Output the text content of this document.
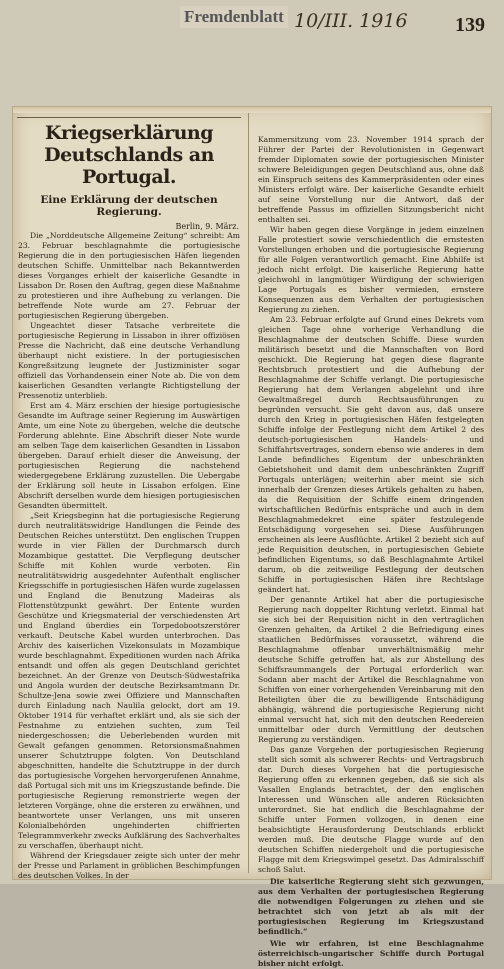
Fremdenblatt 10/III. 1916 139
Kriegserklärung Deutschlands an Portugal.
Eine Erklärung der deutschen Regierung.
Berlin, 9. März.

Die „Norddeutsche Allgemeine Zeitung“ schreibt: Am 23. Februar beschlagnahmte die portugiesische Regierung die in den portugiesischen Häfen liegenden deutschen Schiffe. Unmittelbar nach Bekanntwerden dieses Vorganges erhielt der kaiserliche Gesandte in Lissabon Dr. Rosen den Auftrag, gegen diese Maßnahme zu protestieren und ihre Aufhebung zu verlangen. Die betreffende Note wurde am 27. Februar der portugiesischen Regierung übergeben.

Ungeachtet dieser Tatsache verbreitete die portugiesische Regierung in Lissabon in ihrer offiziösen Presse die Nachricht, daß eine deutsche Verhandlung überhaupt nicht existiere. In der portugiesischen Kongreßsitzung leugnete der Justizminister sogar offiziell das Vorhandensein einer Note ab. Die von dem kaiserlichen Gesandten verlangte Richtigstellung der Pressenotiz unterblieb.

Erst am 4. März erschien der hiesige portugiesische Gesandte im Auftrage seiner Regierung im Auswärtigen Amte, um eine Note zu übergeben, welche die deutsche Forderung ablehnte. Eine Abschrift dieser Note wurde am selben Tage dem kaiserlichen Gesandten in Lissabon übergeben. Darauf erhielt dieser die Anweisung, der portugiesischen Regierung die nachstehend wiedergegebene Erklärung zuzustellen. Die Uebergabe der Erklärung soll heute in Lissabon erfolgen. Eine Abschrift derselben wurde dem hiesigen portugiesischen Gesandten übermittelt.

„Seit Kriegsbeginn hat die portugiesische Regierung durch neutralitätswidrige Handlungen die Feinde des Deutschen Reiches unterstützt. Den englischen Truppen wurde in vier Fällen der Durchmarsch durch Mozambique gestattet. Die Verpflegung deutscher Schiffe mit Kohlen wurde verboten. Ein neutralitätswidrig ausgedehnter Aufenthalt englischer Kriegsschiffe in portugiesischen Häfen wurde zugelassen und England die Benutzung Madeiras als Flottenstützpunkt gewährt. Der Entente wurden Geschütze und Kriegsmaterial der verschiedensten Art und England überdies ein Torpedobootszerstörer verkauft. Deutsche Kabel wurden unterbrochen. Das Archiv des kaiserlichen Vizekonsulats in Mozambique wurde beschlagnahmt. Expeditionen wurden nach Afrika entsandt und offen als gegen Deutschland gerichtet bezeichnet. An der Grenze von Deutsch-Südwestafrika und Angola wurden der deutsche Bezirksamtmann Dr. Schultze-Jena sowie zwei Offiziere und Mannschaften durch Einladung nach Naulila gelockt, dort am 19. Oktober 1914 für verhaftet erklärt und, als sie sich der Festnahme zu entziehen suchten, zum Teil niedergeschossen; die Ueberlebenden wurden mit Gewalt gefangen genommen. Retorsionsmaßnahmen unserer Schutztruppe folgten. Von Deutschland abgeschnitten, handelte die Schutztruppe in der durch das portugiesische Vorgehen hervorgerufenen Annahme, daß Portugal sich mit uns im Kriegszustande befinde. Die portugiesische Regierung remonstrierte wegen der letzteren Vorgänge, ohne die ersteren zu erwähnen, und beantwortete unser Verlangen, uns mit unseren Kolonialbehörden ungehinderten chiffrierten Telegrammverkehr zwecks Aufklärung des Sachverhaltes zu verschaffen, überhaupt nicht.

Während der Kriegsdauer zeigte sich unter der mehr der Presse und Parlament in gröblichen Beschimpfungen des deutschen Volkes. In der

Kammersitzung vom 23. November 1914 sprach der Führer der Partei der Revolutionisten in Gegenwart fremder Diplomaten sowie der portugiesischen Minister schwere Beleidigungen gegen Deutschland aus, ohne daß ein Einspruch seitens des Kammerpräsidenten oder eines Ministers erfolgt wäre. Der kaiserliche Gesandte erhielt auf seine Vorstellung nur die Antwort, daß der betreffende Passus im offiziellen Sitzungsbericht nicht enthalten sei.

Wir haben gegen diese Vorgänge in jedem einzelnen Falle protestiert sowie verschiedentlich die ernstesten Vorstellungen erhoben und die portugiesische Regierung für alle Folgen verantwortlich gemacht. Eine Abhilfe ist jedoch nicht erfolgt. Die kaiserliche Regierung hatte gleichwohl in langmütiger Würdigung der schwierigen Lage Portugals es bisher vermieden, ernstere Konsequenzen aus dem Verhalten der portugiesischen Regierung zu ziehen.

Am 23. Februar erfolgte auf Grund eines Dekrets vom gleichen Tage ohne vorherige Verhandlung die Beschlagnahme der deutschen Schiffe. Diese wurden militärisch besetzt und die Mannschaften von Bord geschickt. Die Regierung hat gegen diese flagrante Rechtsbruch protestiert und die Aufhebung der Beschlagnahme der Schiffe verlangt. Die portugiesische Regierung hat dem Verlangen abgelehnt und ihre Gewaltmaßregel durch Rechtsausführungen zu begründen versucht. Sie geht davon aus, daß unsere durch den Krieg in portugiesischen Häfen festgelegten Schiffe infolge der Festlegung nicht dem Artikel 2 des deutsch-portugiesischen Handels- und Schiffahrtsvertrages, sondern ebenso wie anderes in dem Lande befindliches Eigentum der unbeschränkten Gebietshoheit und damit dem unbeschränkten Zugriff Portugals unterlägen; weiterhin aber meint sie sich innerhalb der Grenzen dieses Artikels gehalten zu haben, da die Requisition der Schiffe einem dringenden wirtschaftlichen Bedürfnis entspräche und auch in dem Beschlagnahmedekret eine später festzulegende Entschädigung vorgesehen sei. Diese Ausführungen erscheinen als leere Ausflüchte. Artikel 2 bezieht sich auf jede Requisition deutschen, in portugiesischen Gebiete befindlichen Eigentums, so daß Beschlagnahmte Artikel darum, ob die zeitweilige Festlegung der deutschen Schiffe in portugiesischen Häfen ihre Rechtslage geändert hat.

Der genannte Artikel hat aber die portugiesische Regierung nach doppelter Richtung verletzt. Einmal hat sie sich bei der Requisition nicht in den vertraglichen Grenzen gehalten, da Artikel 2 die Befriedigung eines staatlichen Bedürfnisses voraussetzt, während die Beschlagnahme offenbar unverhältnismäßig mehr deutsche Schiffe getroffen hat, als zur Abstellung des Schiffsraummangels der Portugal erforderlich war. Sodann aber macht der Artikel die Beschlagnahme von Schiffen von einer vorhergehenden Vereinbarung mit den Beteiligten über die zu bewilligende Entschädigung abhängig, während die portugiesische Regierung nicht einmal versucht hat, sich mit den deutschen Reedereien unmittelbar oder durch Vermittlung der deutschen Regierung zu verständigen.

Das ganze Vorgehen der portugiesischen Regierung stellt sich somit als schwerer Rechts- und Vertragsbruch dar. Durch dieses Vorgehen hat die portugiesische Regierung offen zu erkennen gegeben, daß sie sich als Vasallen Englands betrachtet, der den englischen Interessen und Wünschen alle anderen Rücksichten unterordnet. Sie hat endlich die Beschlagnahme der Schiffe unter Formen vollzogen, in denen eine beabsichtigte Herausforderung Deutschlands erblickt werden muß. Die deutsche Flagge wurde auf den deutschen Schiffen niedergeholt und die portugiesische Flagge mit dem Kriegswimpel gesetzt. Das Admiralsschiff schoß Salut.

Die kaiserliche Regierung sieht sich gezwungen, aus dem Verhalten der portugiesischen Regierung die notwendigen Folgerungen zu ziehen und sie betrachtet sich von jetzt ab als mit der portugiesischen Regierung im Kriegszustand befindlich.“

Wie wir erfahren, ist eine Beschlagnahme österreichisch-ungarischer Schiffe durch Portugal bisher nicht erfolgt.
